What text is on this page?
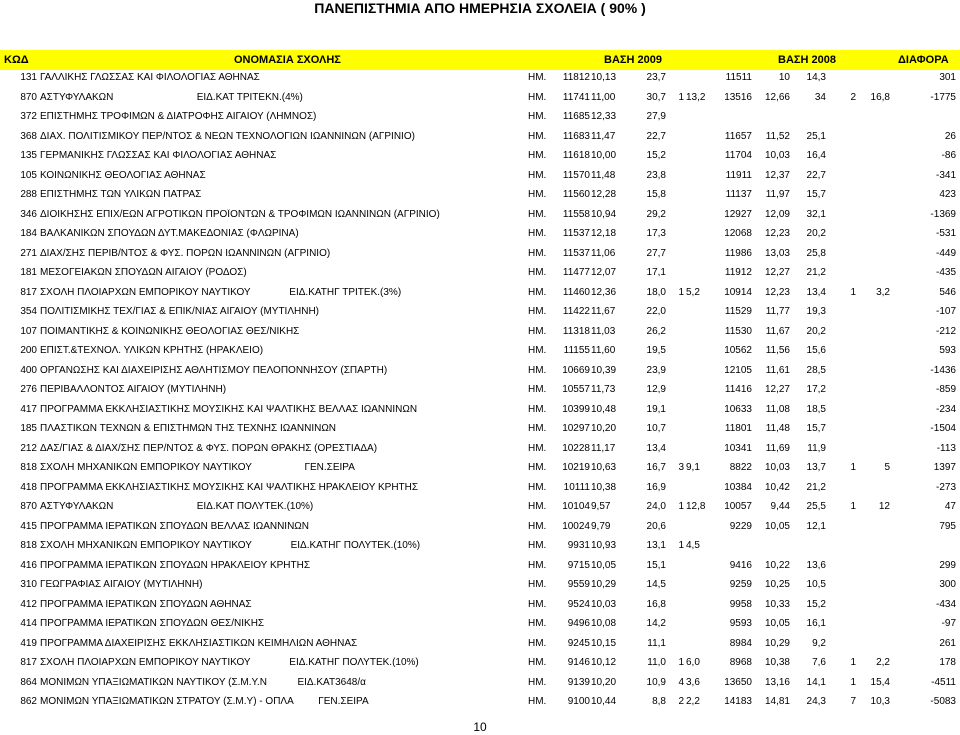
ΠΑΝΕΠΙΣΤΗΜΙΑ ΑΠΟ ΗΜΕΡΗΣΙΑ ΣΧΟΛΕΙΑ ( 90% )
ΚΩΔ	ΟΝΟΜΑΣΙΑ ΣΧΟΛΗΣ	ΒΑΣΗ 2009	ΒΑΣΗ 2008	ΔΙΑΦΟΡΑ
131 ΓΑΛΛΙΚΗΣ ΓΛΩΣΣΑΣ ΚΑΙ ΦΙΛΟΛΟΓΙΑΣ ΑΘΗΝΑΣ	ΗΜ.	11812 10,13	23,7	11511	10	14,3	301
870 ΑΣΤΥΦΥΛΑΚΩΝ                              ΕΙΔ.ΚΑΤ ΤΡΙΤΕΚΝ.(4%)	ΗΜ.	11741 11,00	30,7	1 13,2	13516	12,66	34	2	16,8	-1775
372 ΕΠΙΣΤΗΜΗΣ ΤΡΟΦΙΜΩΝ & ΔΙΑΤΡΟΦΗΣ ΑΙΓΑΙΟΥ (ΛΗΜΝΟΣ)	ΗΜ.	11685 12,33	27,9
368 ΔΙΑΧ. ΠΟΛΙΤΙΣΜΙΚΟΥ ΠΕΡ/ΝΤΟΣ & ΝΕΩΝ ΤΕΧΝΟΛΟΓΙΩΝ ΙΩΑΝΝΙΝΩΝ (ΑΓΡΙΝΙΟ)	ΗΜ.	11683 11,47	22,7	11657	11,52	25,1	26
135 ΓΕΡΜΑΝΙΚΗΣ ΓΛΩΣΣΑΣ ΚΑΙ ΦΙΛΟΛΟΓΙΑΣ ΑΘΗΝΑΣ	ΗΜ.	11618 10,00	15,2	11704	10,03	16,4	-86
105 ΚΟΙΝΩΝΙΚΗΣ ΘΕΟΛΟΓΙΑΣ ΑΘΗΝΑΣ	ΗΜ.	11570 11,48	23,8	11911	12,37	22,7	-341
288 ΕΠΙΣΤΗΜΗΣ ΤΩΝ ΥΛΙΚΩΝ ΠΑΤΡΑΣ	ΗΜ.	11560 12,28	15,8	11137	11,97	15,7	423
346 ΔΙΟΙΚΗΣΗΣ ΕΠΙΧ/ΕΩΝ ΑΓΡΟΤΙΚΩΝ ΠΡΟΪΟΝΤΩΝ & ΤΡΟΦΙΜΩΝ ΙΩΑΝΝΙΝΩΝ (ΑΓΡΙΝΙΟ)	ΗΜ.	11558 10,94	29,2	12927	12,09	32,1	-1369
184 ΒΑΛΚΑΝΙΚΩΝ ΣΠΟΥΔΩΝ ΔΥΤ.ΜΑΚΕΔΟΝΙΑΣ (ΦΛΩΡΙΝΑ)	ΗΜ.	11537 12,18	17,3	12068	12,23	20,2	-531
271 ΔΙΑΧ/ΣΗΣ ΠΕΡΙΒ/ΝΤΟΣ & ΦΥΣ. ΠΟΡΩΝ ΙΩΑΝΝΙΝΩΝ (ΑΓΡΙΝΙΟ)	ΗΜ.	11537 11,06	27,7	11986	13,03	25,8	-449
181 ΜΕΣΟΓΕΙΑΚΩΝ ΣΠΟΥΔΩΝ ΑΙΓΑΙΟΥ (ΡΟΔΟΣ)	ΗΜ.	11477 12,07	17,1	11912	12,27	21,2	-435
817 ΣΧΟΛΗ ΠΛΟΙΑΡΧΩΝ ΕΜΠΟΡΙΚΟΥ ΝΑΥΤΙΚΟΥ              ΕΙΔ.ΚΑΤΗΓ ΤΡΙΤΕΚ.(3%)	ΗΜ.	11460 12,36	18,0	1 5,2	10914	12,23	13,4	1	3,2	546
354 ΠΟΛΙΤΙΣΜΙΚΗΣ ΤΕΧ/ΓΙΑΣ & ΕΠΙΚ/ΝΙΑΣ ΑΙΓΑΙΟΥ (ΜΥΤΙΛΗΝΗ)	ΗΜ.	11422 11,67	22,0	11529	11,77	19,3	-107
107 ΠΟΙΜΑΝΤΙΚΗΣ & ΚΟΙΝΩΝΙΚΗΣ ΘΕΟΛΟΓΙΑΣ ΘΕΣ/ΝΙΚΗΣ	ΗΜ.	11318 11,03	26,2	11530	11,67	20,2	-212
200 ΕΠΙΣΤ.&ΤΕΧΝΟΛ. ΥΛΙΚΩΝ ΚΡΗΤΗΣ (ΗΡΑΚΛΕΙΟ)	ΗΜ.	11155 11,60	19,5	10562	11,56	15,6	593
400 ΟΡΓΑΝΩΣΗΣ ΚΑΙ ΔΙΑΧΕΙΡΙΣΗΣ ΑΘΛΗΤΙΣΜΟΥ ΠΕΛΟΠΟΝΝΗΣΟΥ (ΣΠΑΡΤΗ)	ΗΜ.	10669 10,39	23,9	12105	11,61	28,5	-1436
276 ΠΕΡΙΒΑΛΛΟΝΤΟΣ ΑΙΓΑΙΟΥ (ΜΥΤΙΛΗΝΗ)	ΗΜ.	10557 11,73	12,9	11416	12,27	17,2	-859
417 ΠΡΟΓΡΑΜΜΑ ΕΚΚΛΗΣΙΑΣΤΙΚΗΣ ΜΟΥΣΙΚΗΣ ΚΑΙ ΨΑΛΤΙΚΗΣ ΒΕΛΛΑΣ ΙΩΑΝΝΙΝΩΝ	ΗΜ.	10399 10,48	19,1	10633	11,08	18,5	-234
185 ΠΛΑΣΤΙΚΩΝ ΤΕΧΝΩΝ & ΕΠΙΣΤΗΜΩΝ ΤΗΣ ΤΕΧΝΗΣ ΙΩΑΝΝΙΝΩΝ	ΗΜ.	10297 10,20	10,7	11801	11,48	15,7	-1504
212 ΔΑΣ/ΓΙΑΣ & ΔΙΑΧ/ΣΗΣ ΠΕΡ/ΝΤΟΣ & ΦΥΣ. ΠΟΡΩΝ ΘΡΑΚΗΣ (ΟΡΕΣΤΙΑΔΑ)	ΗΜ.	10228 11,17	13,4	10341	11,69	11,9	-113
818 ΣΧΟΛΗ ΜΗΧΑΝΙΚΩΝ ΕΜΠΟΡΙΚΟΥ ΝΑΥΤΙΚΟΥ                   ΓΕΝ.ΣΕΙΡΑ	ΗΜ.	10219 10,63	16,7	3 9,1	8822	10,03	13,7	1	5	1397
418 ΠΡΟΓΡΑΜΜΑ ΕΚΚΛΗΣΙΑΣΤΙΚΗΣ ΜΟΥΣΙΚΗΣ ΚΑΙ ΨΑΛΤΙΚΗΣ ΗΡΑΚΛΕΙΟΥ ΚΡΗΤΗΣ	ΗΜ.	10111 10,38	16,9	10384	10,42	21,2	-273
870 ΑΣΤΥΦΥΛΑΚΩΝ                              ΕΙΔ.ΚΑΤ ΠΟΛΥΤΕΚ.(10%)	ΗΜ.	10104 9,57	24,0	1 12,8	10057	9,44	25,5	1	12	47
415 ΠΡΟΓΡΑΜΜΑ ΙΕΡΑΤΙΚΩΝ ΣΠΟΥΔΩΝ ΒΕΛΛΑΣ ΙΩΑΝΝΙΝΩΝ	ΗΜ.	10024 9,79	20,6	9229	10,05	12,1	795
818 ΣΧΟΛΗ ΜΗΧΑΝΙΚΩΝ ΕΜΠΟΡΙΚΟΥ ΝΑΥΤΙΚΟΥ              ΕΙΔ.ΚΑΤΗΓ ΠΟΛΥΤΕΚ.(10%)	ΗΜ.	9931 10,93	13,1	1 4,5
416 ΠΡΟΓΡΑΜΜΑ ΙΕΡΑΤΙΚΩΝ ΣΠΟΥΔΩΝ ΗΡΑΚΛΕΙΟΥ ΚΡΗΤΗΣ	ΗΜ.	9715 10,05	15,1	9416	10,22	13,6	299
310 ΓΕΩΓΡΑΦΙΑΣ ΑΙΓΑΙΟΥ (ΜΥΤΙΛΗΝΗ)	ΗΜ.	9559 10,29	14,5	9259	10,25	10,5	300
412 ΠΡΟΓΡΑΜΜΑ ΙΕΡΑΤΙΚΩΝ ΣΠΟΥΔΩΝ ΑΘΗΝΑΣ	ΗΜ.	9524 10,03	16,8	9958	10,33	15,2	-434
414 ΠΡΟΓΡΑΜΜΑ ΙΕΡΑΤΙΚΩΝ ΣΠΟΥΔΩΝ ΘΕΣ/ΝΙΚΗΣ	ΗΜ.	9496 10,08	14,2	9593	10,05	16,1	-97
419 ΠΡΟΓΡΑΜΜΑ ΔΙΑΧΕΙΡΙΣΗΣ ΕΚΚΛΗΣΙΑΣΤΙΚΩΝ ΚΕΙΜΗΛΙΩΝ ΑΘΗΝΑΣ	ΗΜ.	9245 10,15	11,1	8984	10,29	9,2	261
817 ΣΧΟΛΗ ΠΛΟΙΑΡΧΩΝ ΕΜΠΟΡΙΚΟΥ ΝΑΥΤΙΚΟΥ              ΕΙΔ.ΚΑΤΗΓ ΠΟΛΥΤΕΚ.(10%)	ΗΜ.	9146 10,12	11,0	1 6,0	8968	10,38	7,6	1	2,2	178
864 ΜΟΝΙΜΩΝ ΥΠΑΞΙΩΜΑΤΙΚΩΝ ΝΑΥΤΙΚΟΥ (Σ.Μ.Υ.Ν           ΕΙΔ.ΚΑΤ3648/α	ΗΜ.	9139 10,20	10,9	4 3,6	13650	13,16	14,1	1	15,4	-4511
862 ΜΟΝΙΜΩΝ ΥΠΑΞΙΩΜΑΤΙΚΩΝ ΣΤΡΑΤΟΥ (Σ.Μ.Υ) - ΟΠΛΑ         ΓΕΝ.ΣΕΙΡΑ	ΗΜ.	9100 10,44	8,8	2 2,2	14183	14,81	24,3	7	10,3	-5083
10
